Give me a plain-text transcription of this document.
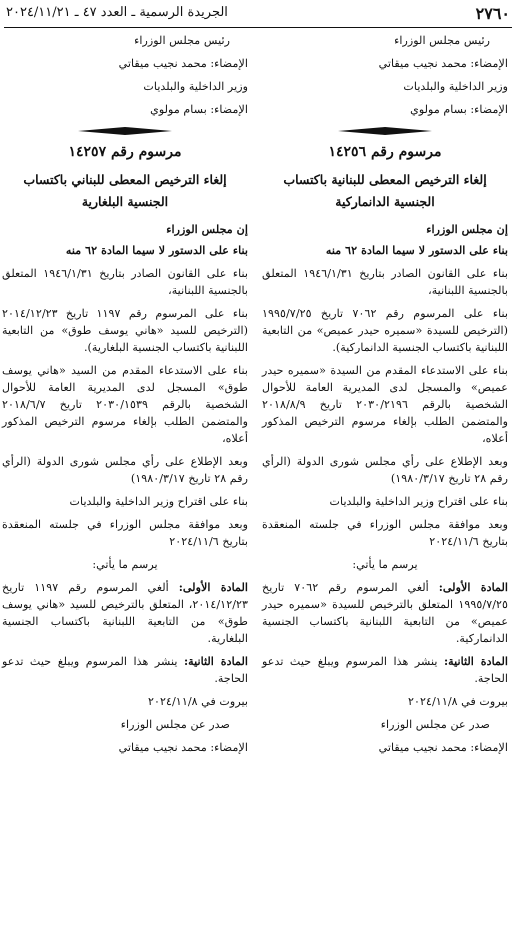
٢٧٦٠
الجريدة الرسمية ـ العدد ٤٧ ـ ٢٠٢٤/١١/٢١

رئيس مجلس الوزراء

الإمضاء: محمد نجيب ميقاتي

وزير الداخلية والبلديات

الإمضاء: بسام مولوي

مرسوم رقم ١٤٢٥٦
إلغاء الترخيص المعطى للبنانية باكتساب الجنسية الدانماركية

إن مجلس الوزراء

بناء على الدستور لا سيما المادة ٦٢ منه

بناء على القانون الصادر بتاريخ ١٩٤٦/١/٣١ المتعلق بالجنسية اللبنانية،

بناء على المرسوم رقم ٧٠٦٢ تاريخ ١٩٩٥/٧/٢٥ (الترخيص للسيدة «سميره حيدر عميص» من التابعية اللبنانية باكتساب الجنسية الدانماركية).

بناء على الاستدعاء المقدم من السيدة «سميره حيدر عميص» والمسجل لدى المديرية العامة للأحوال الشخصية بالرقم ٢٠٣٠/٢١٩٦ تاريخ ٢٠١٨/٨/٩ والمتضمن الطلب بإلغاء مرسوم الترخيص المذكور أعلاه،

وبعد الإطلاع على رأي مجلس شورى الدولة (الرأي رقم ٢٨ تاريخ ١٩٨٠/٣/١٧)

بناء على اقتراح وزير الداخلية والبلديات

وبعد موافقة مجلس الوزراء في جلسته المنعقدة بتاريخ ٢٠٢٤/١١/٦

يرسم ما يأتي:

المادة الأولى: ألغي المرسوم رقم ٧٠٦٢ تاريخ ١٩٩٥/٧/٢٥ المتعلق بالترخيص للسيدة «سميره حيدر عميص» من التابعية اللبنانية باكتساب الجنسية الدانماركية.

المادة الثانية: ينشر هذا المرسوم ويبلغ حيث تدعو الحاجة.

بيروت في ٢٠٢٤/١١/٨

صدر عن مجلس الوزراء

الإمضاء: محمد نجيب ميقاتي

رئيس مجلس الوزراء

الإمضاء: محمد نجيب ميقاتي

وزير الداخلية والبلديات

الإمضاء: بسام مولوي

مرسوم رقم ١٤٢٥٧
إلغاء الترخيص المعطى للبناني باكتساب الجنسية البلغارية

إن مجلس الوزراء

بناء على الدستور لا سيما المادة ٦٢ منه

بناء على القانون الصادر بتاريخ ١٩٤٦/١/٣١ المتعلق بالجنسية اللبنانية،

بناء على المرسوم رقم ١١٩٧ تاريخ ٢٠١٤/١٢/٢٣ (الترخيص للسيد «هاني يوسف طوق» من التابعية اللبنانية باكتساب الجنسية البلغارية).

بناء على الاستدعاء المقدم من السيد «هاني يوسف طوق» المسجل لدى المديرية العامة للأحوال الشخصية بالرقم ٢٠٣٠/١٥٣٩ تاريخ ٢٠١٨/٦/٧ والمتضمن الطلب بإلغاء مرسوم الترخيص المذكور أعلاه،

وبعد الإطلاع على رأي مجلس شورى الدولة (الرأي رقم ٢٨ تاريخ ١٩٨٠/٣/١٧)

بناء على اقتراح وزير الداخلية والبلديات

وبعد موافقة مجلس الوزراء في جلسته المنعقدة بتاريخ ٢٠٢٤/١١/٦

يرسم ما يأتي:

المادة الأولى: ألغي المرسوم رقم ١١٩٧ تاريخ ٢٠١٤/١٢/٢٣، المتعلق بالترخيص للسيد «هاني يوسف طوق» من التابعية اللبنانية باكتساب الجنسية البلغارية.

المادة الثانية: ينشر هذا المرسوم ويبلغ حيث تدعو الحاجة.

بيروت في ٢٠٢٤/١١/٨

صدر عن مجلس الوزراء

الإمضاء: محمد نجيب ميقاتي
